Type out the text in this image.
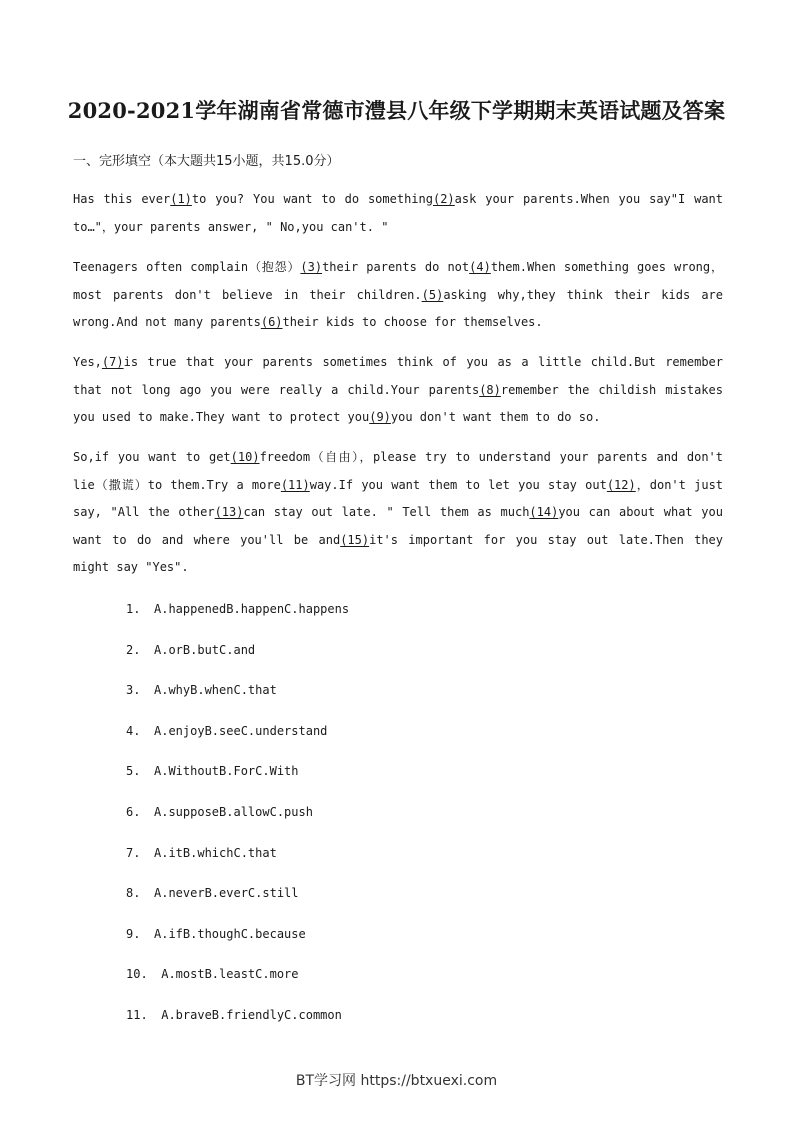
2020-2021学年湖南省常德市澧县八年级下学期期末英语试题及答案
一、完形填空（本大题共15小题，共15.0分）
Has this ever(1)to you? You want to do something(2)ask your parents.When you say"I want to…"，your parents answer, " No,you can't. "
Teenagers often complain（抱怨）(3)their parents do not(4)them.When something goes wrong，most parents don't believe in their children.(5)asking why,they think their kids are wrong.And not many parents(6)their kids to choose for themselves.
Yes,(7)is true that your parents sometimes think of you as a little child.But remember that not long ago you were really a child.Your parents(8)remember the childish mistakes you used to make.They want to protect you(9)you don't want them to do so.
So,if you want to get(10)freedom（自由），please try to understand your parents and don't lie（撒谎）to them.Try a more(11)way.If you want them to let you stay out(12)，don't just say, "All the other(13)can stay out late. " Tell them as much(14)you can about what you want to do and where you'll be and(15)it's important for you stay out late.Then they might say "Yes".
1. A.happenedB.happenC.happens
2. A.orB.butC.and
3. A.whyB.whenC.that
4. A.enjoyB.seeC.understand
5. A.WithoutB.ForC.With
6. A.supposeB.allowC.push
7. A.itB.whichC.that
8. A.neverB.everC.still
9. A.ifB.thoughC.because
10. A.mostB.leastC.more
11. A.braveB.friendlyC.common
BT学习网 https://btxuexi.com
